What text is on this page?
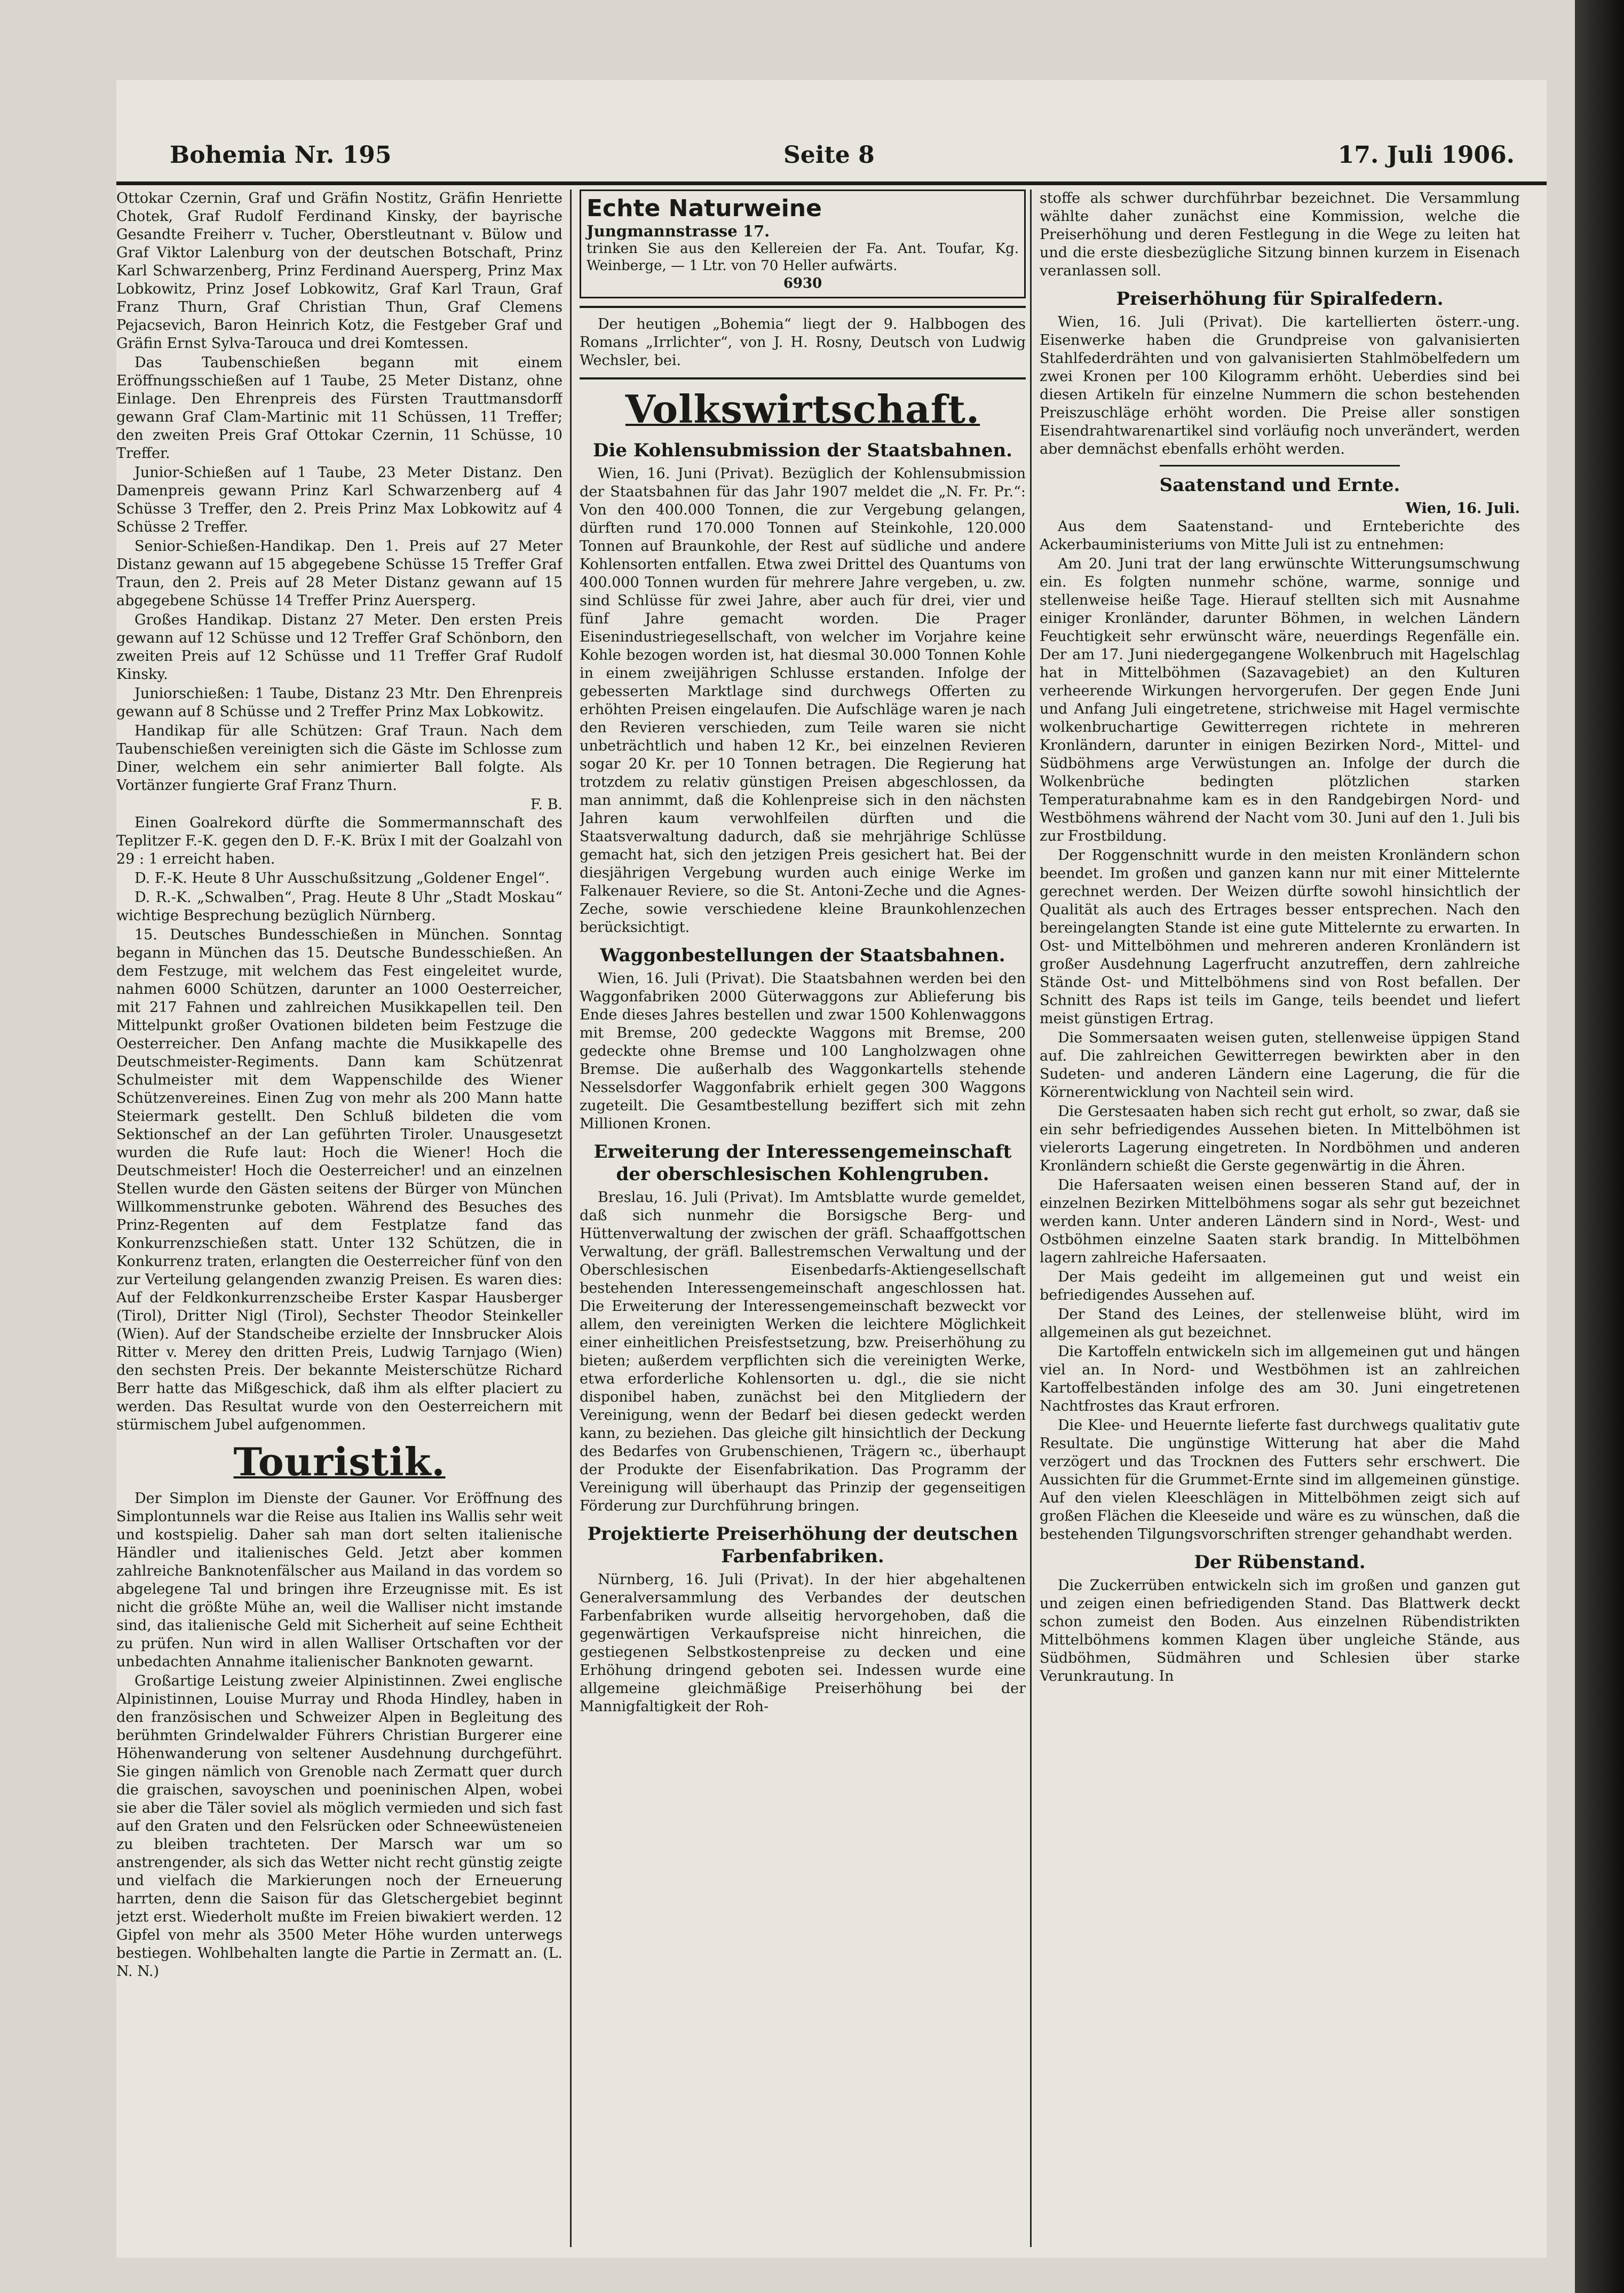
Bohemia Nr. 195	Seite 8	17. Juli 1906.

Ottokar Czernin, Graf und Gräfin Nostitz, Gräfin Henriette Chotek, Graf Rudolf Ferdinand Kinsky, der bayrische Gesandte Freiherr v. Tucher, Oberstleutnant v. Bülow und Graf Viktor Lalenburg von der deutschen Botschaft, Prinz Karl Schwarzenberg, Prinz Ferdinand Auersperg, Prinz Max Lobkowitz, Prinz Josef Lobkowitz, Graf Karl Traun, Graf Franz Thurn, Graf Christian Thun, Graf Clemens Pejacsevich, Baron Heinrich Kotz, die Festgeber Graf und Gräfin Ernst Sylva-Tarouca und drei Komtessen.

Das Taubenschießen begann mit einem Eröffnungsschießen auf 1 Taube, 25 Meter Distanz, ohne Einlage. Den Ehrenpreis des Fürsten Trauttmansdorff gewann Graf Clam-Martinic mit 11 Schüssen, 11 Treffer; den zweiten Preis Graf Ottokar Czernin, 11 Schüsse, 10 Treffer.

Junior-Schießen auf 1 Taube, 23 Meter Distanz. Den Damenpreis gewann Prinz Karl Schwarzenberg auf 4 Schüsse 3 Treffer, den 2. Preis Prinz Max Lobkowitz auf 4 Schüsse 2 Treffer.

Senior-Schießen-Handikap. Den 1. Preis auf 27 Meter Distanz gewann auf 15 abgegebene Schüsse 15 Treffer Graf Traun, den 2. Preis auf 28 Meter Distanz gewann auf 15 abgegebene Schüsse 14 Treffer Prinz Auersperg.

Großes Handikap. Distanz 27 Meter. Den ersten Preis gewann auf 12 Schüsse und 12 Treffer Graf Schönborn, den zweiten Preis auf 12 Schüsse und 11 Treffer Graf Rudolf Kinsky.

Juniorschießen: 1 Taube, Distanz 23 Mtr. Den Ehrenpreis gewann auf 8 Schüsse und 2 Treffer Prinz Max Lobkowitz.

Handikap für alle Schützen: Graf Traun. Nach dem Taubenschießen vereinigten sich die Gäste im Schlosse zum Diner, welchem ein sehr animierter Ball folgte. Als Vortänzer fungierte Graf Franz Thurn.

F. B.

Einen Goalrekord dürfte die Sommermannschaft des Teplitzer F.-K. gegen den D. F.-K. Brüx I mit der Goalzahl von 29 : 1 erreicht haben.

D. F.-K. Heute 8 Uhr Ausschußsitzung „Goldener Engel“.

D. R.-K. „Schwalben“, Prag. Heute 8 Uhr „Stadt Moskau“ wichtige Besprechung bezüglich Nürnberg.

15. Deutsches Bundesschießen in München. Sonntag begann in München das 15. Deutsche Bundesschießen. An dem Festzuge, mit welchem das Fest eingeleitet wurde, nahmen 6000 Schützen, darunter an 1000 Oesterreicher, mit 217 Fahnen und zahlreichen Musikkapellen teil. Den Mittelpunkt großer Ovationen bildeten beim Festzuge die Oesterreicher. Den Anfang machte die Musikkapelle des Deutschmeister-Regiments. Dann kam Schützenrat Schulmeister mit dem Wappenschilde des Wiener Schützenvereines. Einen Zug von mehr als 200 Mann hatte Steiermark gestellt. Den Schluß bildeten die vom Sektionschef an der Lan geführten Tiroler. Unausgesetzt wurden die Rufe laut: Hoch die Wiener! Hoch die Deutschmeister! Hoch die Oesterreicher! und an einzelnen Stellen wurde den Gästen seitens der Bürger von München Willkommenstrunke geboten. Während des Besuches des Prinz-Regenten auf dem Festplatze fand das Konkurrenzschießen statt. Unter 132 Schützen, die in Konkurrenz traten, erlangten die Oesterreicher fünf von den zur Verteilung gelangenden zwanzig Preisen. Es waren dies: Auf der Feldkonkurrenzscheibe Erster Kaspar Hausberger (Tirol), Dritter Nigl (Tirol), Sechster Theodor Steinkeller (Wien). Auf der Standscheibe erzielte der Innsbrucker Alois Ritter v. Merey den dritten Preis, Ludwig Tarnjago (Wien) den sechsten Preis. Der bekannte Meisterschütze Richard Berr hatte das Mißgeschick, daß ihm als elfter placiert zu werden. Das Resultat wurde von den Oesterreichern mit stürmischem Jubel aufgenommen.

Touristik.

Der Simplon im Dienste der Gauner. Vor Eröffnung des Simplontunnels war die Reise aus Italien ins Wallis sehr weit und kostspielig. Daher sah man dort selten italienische Händler und italienisches Geld. Jetzt aber kommen zahlreiche Banknotenfälscher aus Mailand in das vordem so abgelegene Tal und bringen ihre Erzeugnisse mit. Es ist nicht die größte Mühe an, weil die Walliser nicht imstande sind, das italienische Geld mit Sicherheit auf seine Echtheit zu prüfen. Nun wird in allen Walliser Ortschaften vor der unbedachten Annahme italienischer Banknoten gewarnt.

Großartige Leistung zweier Alpinistinnen. Zwei englische Alpinistinnen, Louise Murray und Rhoda Hindley, haben in den französischen und Schweizer Alpen in Begleitung des berühmten Grindelwalder Führers Christian Burgerer eine Höhenwanderung von seltener Ausdehnung durchgeführt. Sie gingen nämlich von Grenoble nach Zermatt quer durch die graischen, savoyschen und poeninischen Alpen, wobei sie aber die Täler soviel als möglich vermieden und sich fast auf den Graten und den Felsrücken oder Schneewüsteneien zu bleiben trachteten. Der Marsch war um so anstrengender, als sich das Wetter nicht recht günstig zeigte und vielfach die Markierungen noch der Erneuerung harrten, denn die Saison für das Gletschergebiet beginnt jetzt erst. Wiederholt mußte im Freien biwakiert werden. 12 Gipfel von mehr als 3500 Meter Höhe wurden unterwegs bestiegen. Wohlbehalten langte die Partie in Zermatt an. (L. N. N.)

Echte Naturweine
Jungmannstrasse 17.
trinken Sie aus den Kellereien der Fa. Ant. Toufar, Kg. Weinberge, — 1 Ltr. von 70 Heller aufwärts.
6930

Der heutigen „Bohemia“ liegt der 9. Halbbogen des Romans „Irrlichter“, von J. H. Rosny, Deutsch von Ludwig Wechsler, bei.

Volkswirtschaft.
Die Kohlensubmission der Staatsbahnen.

Wien, 16. Juni (Privat). Bezüglich der Kohlensubmission der Staatsbahnen für das Jahr 1907 meldet die „N. Fr. Pr.“: Von den 400.000 Tonnen, die zur Vergebung gelangen, dürften rund 170.000 Tonnen auf Steinkohle, 120.000 Tonnen auf Braunkohle, der Rest auf südliche und andere Kohlensorten entfallen. Etwa zwei Drittel des Quantums von 400.000 Tonnen wurden für mehrere Jahre vergeben, u. zw. sind Schlüsse für zwei Jahre, aber auch für drei, vier und fünf Jahre gemacht worden. Die Prager Eisenindustriegesellschaft, von welcher im Vorjahre keine Kohle bezogen worden ist, hat diesmal 30.000 Tonnen Kohle in einem zweijährigen Schlusse erstanden. Infolge der gebesserten Marktlage sind durchwegs Offerten zu erhöhten Preisen eingelaufen. Die Aufschläge waren je nach den Revieren verschieden, zum Teile waren sie nicht unbeträchtlich und haben 12 Kr., bei einzelnen Revieren sogar 20 Kr. per 10 Tonnen betragen. Die Regierung hat trotzdem zu relativ günstigen Preisen abgeschlossen, da man annimmt, daß die Kohlenpreise sich in den nächsten Jahren kaum verwohlfeilen dürften und die Staatsverwaltung dadurch, daß sie mehrjährige Schlüsse gemacht hat, sich den jetzigen Preis gesichert hat. Bei der diesjährigen Vergebung wurden auch einige Werke im Falkenauer Reviere, so die St. Antoni-Zeche und die Agnes-Zeche, sowie verschiedene kleine Braunkohlenzechen berücksichtigt.

Waggonbestellungen der Staatsbahnen.

Wien, 16. Juli (Privat). Die Staatsbahnen werden bei den Waggonfabriken 2000 Güterwaggons zur Ablieferung bis Ende dieses Jahres bestellen und zwar 1500 Kohlenwaggons mit Bremse, 200 gedeckte Waggons mit Bremse, 200 gedeckte ohne Bremse und 100 Langholzwagen ohne Bremse. Die außerhalb des Waggonkartells stehende Nesselsdorfer Waggonfabrik erhielt gegen 300 Waggons zugeteilt. Die Gesamtbestellung beziffert sich mit zehn Millionen Kronen.

Erweiterung der Interessengemeinschaft der oberschlesischen Kohlengruben.

Breslau, 16. Juli (Privat). Im Amtsblatte wurde gemeldet, daß sich nunmehr die Borsigsche Berg- und Hüttenverwaltung der zwischen der gräfl. Schaaffgottschen Verwaltung, der gräfl. Ballestremschen Verwaltung und der Oberschlesischen Eisenbedarfs-Aktiengesellschaft bestehenden Interessengemeinschaft angeschlossen hat. Die Erweiterung der Interessengemeinschaft bezweckt vor allem, den vereinigten Werken die leichtere Möglichkeit einer einheitlichen Preisfestsetzung, bzw. Preiserhöhung zu bieten; außerdem verpflichten sich die vereinigten Werke, etwa erforderliche Kohlensorten u. dgl., die sie nicht disponibel haben, zunächst bei den Mitgliedern der Vereinigung, wenn der Bedarf bei diesen gedeckt werden kann, zu beziehen. Das gleiche gilt hinsichtlich der Deckung des Bedarfes von Grubenschienen, Trägern ꝛc., überhaupt der Produkte der Eisenfabrikation. Das Programm der Vereinigung will überhaupt das Prinzip der gegenseitigen Förderung zur Durchführung bringen.

Projektierte Preiserhöhung der deutschen Farbenfabriken.

Nürnberg, 16. Juli (Privat). In der hier abgehaltenen Generalversammlung des Verbandes der deutschen Farbenfabriken wurde allseitig hervorgehoben, daß die gegenwärtigen Verkaufspreise nicht hinreichen, die gestiegenen Selbstkostenpreise zu decken und eine Erhöhung dringend geboten sei. Indessen wurde eine allgemeine gleichmäßige Preiserhöhung bei der Mannigfaltigkeit der Roh-

stoffe als schwer durchführbar bezeichnet. Die Versammlung wählte daher zunächst eine Kommission, welche die Preiserhöhung und deren Festlegung in die Wege zu leiten hat und die erste diesbezügliche Sitzung binnen kurzem in Eisenach veranlassen soll.

Preiserhöhung für Spiralfedern.

Wien, 16. Juli (Privat). Die kartellierten österr.-ung. Eisenwerke haben die Grundpreise von galvanisierten Stahlfederdrähten und von galvanisierten Stahlmöbelfedern um zwei Kronen per 100 Kilogramm erhöht. Ueberdies sind bei diesen Artikeln für einzelne Nummern die schon bestehenden Preiszuschläge erhöht worden. Die Preise aller sonstigen Eisendrahtwarenartikel sind vorläufig noch unverändert, werden aber demnächst ebenfalls erhöht werden.

Saatenstand und Ernte.
Wien, 16. Juli.

Aus dem Saatenstand- und Ernteberichte des Ackerbauministeriums von Mitte Juli ist zu entnehmen:

Am 20. Juni trat der lang erwünschte Witterungsumschwung ein. Es folgten nunmehr schöne, warme, sonnige und stellenweise heiße Tage. Hierauf stellten sich mit Ausnahme einiger Kronländer, darunter Böhmen, in welchen Ländern Feuchtigkeit sehr erwünscht wäre, neuerdings Regenfälle ein. Der am 17. Juni niedergegangene Wolkenbruch mit Hagelschlag hat in Mittelböhmen (Sazavagebiet) an den Kulturen verheerende Wirkungen hervorgerufen. Der gegen Ende Juni und Anfang Juli eingetretene, strichweise mit Hagel vermischte wolkenbruchartige Gewitterregen richtete in mehreren Kronländern, darunter in einigen Bezirken Nord-, Mittel- und Südböhmens arge Verwüstungen an. Infolge der durch die Wolkenbrüche bedingten plötzlichen starken Temperaturabnahme kam es in den Randgebirgen Nord- und Westböhmens während der Nacht vom 30. Juni auf den 1. Juli bis zur Frostbildung.

Der Roggenschnitt wurde in den meisten Kronländern schon beendet. Im großen und ganzen kann nur mit einer Mittelernte gerechnet werden. Der Weizen dürfte sowohl hinsichtlich der Qualität als auch des Ertrages besser entsprechen. Nach den bereingelangten Stande ist eine gute Mittelernte zu erwarten. In Ost- und Mittelböhmen und mehreren anderen Kronländern ist großer Ausdehnung Lagerfrucht anzutreffen, dern zahlreiche Stände Ost- und Mittelböhmens sind von Rost befallen. Der Schnitt des Raps ist teils im Gange, teils beendet und liefert meist günstigen Ertrag.

Die Sommersaaten weisen guten, stellenweise üppigen Stand auf. Die zahlreichen Gewitterregen bewirkten aber in den Sudeten- und anderen Ländern eine Lagerung, die für die Körnerentwicklung von Nachteil sein wird.

Die Gerstesaaten haben sich recht gut erholt, so zwar, daß sie ein sehr befriedigendes Aussehen bieten. In Mittelböhmen ist vielerorts Lagerung eingetreten. In Nordböhmen und anderen Kronländern schießt die Gerste gegenwärtig in die Ähren.

Die Hafersaaten weisen einen besseren Stand auf, der in einzelnen Bezirken Mittelböhmens sogar als sehr gut bezeichnet werden kann. Unter anderen Ländern sind in Nord-, West- und Ostböhmen einzelne Saaten stark brandig. In Mittelböhmen lagern zahlreiche Hafersaaten.

Der Mais gedeiht im allgemeinen gut und weist ein befriedigendes Aussehen auf.

Der Stand des Leines, der stellenweise blüht, wird im allgemeinen als gut bezeichnet.

Die Kartoffeln entwickeln sich im allgemeinen gut und hängen viel an. In Nord- und Westböhmen ist an zahlreichen Kartoffelbeständen infolge des am 30. Juni eingetretenen Nachtfrostes das Kraut erfroren.

Die Klee- und Heuernte lieferte fast durchwegs qualitativ gute Resultate. Die ungünstige Witterung hat aber die Mahd verzögert und das Trocknen des Futters sehr erschwert. Die Aussichten für die Grummet-Ernte sind im allgemeinen günstige. Auf den vielen Kleeschlägen in Mittelböhmen zeigt sich auf großen Flächen die Kleeseide und wäre es zu wünschen, daß die bestehenden Tilgungsvorschriften strenger gehandhabt werden.

Der Rübenstand.

Die Zuckerrüben entwickeln sich im großen und ganzen gut und zeigen einen befriedigenden Stand. Das Blattwerk deckt schon zumeist den Boden. Aus einzelnen Rübendistrikten Mittelböhmens kommen Klagen über ungleiche Stände, aus Südböhmen, Südmähren und Schlesien über starke Verunkrautung. In
